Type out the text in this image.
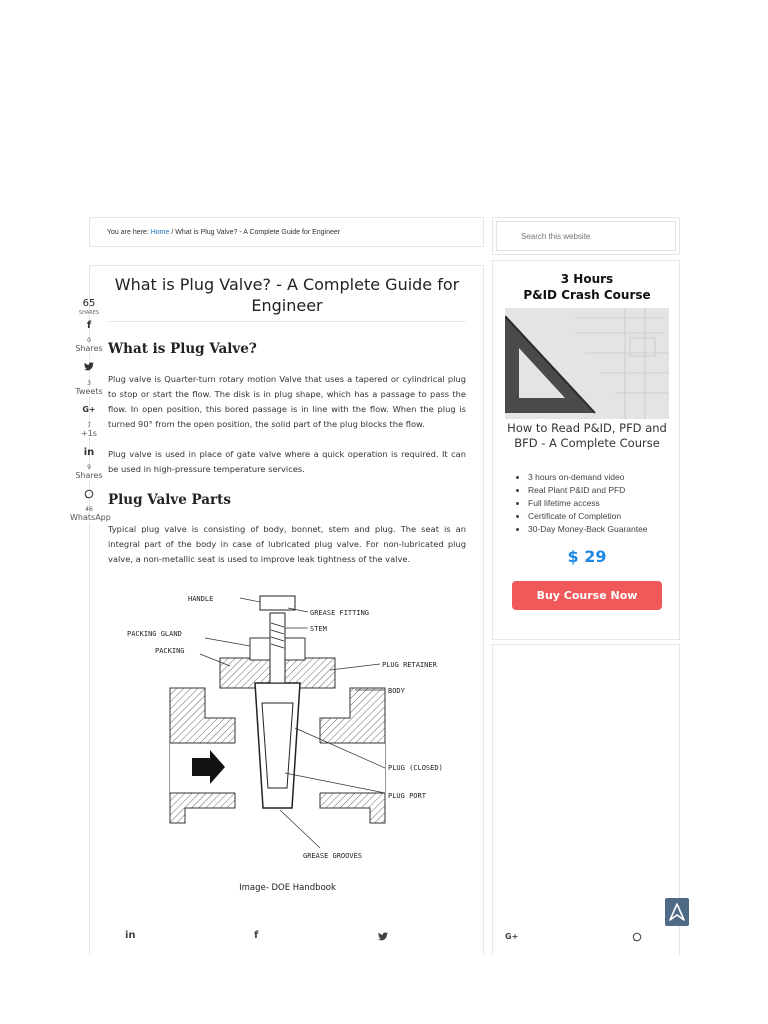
You are here: Home / What is Plug Valve? - A Complete Guide for Engineer
Search this website
What is Plug Valve? - A Complete Guide for Engineer
What is Plug Valve?

Plug valve is Quarter-turn rotary motion Valve that uses a tapered or cylindrical plug to stop or start the flow. The disk is in plug shape, which has a passage to pass the flow. In open position, this bored passage is in line with the flow. When the plug is turned 90° from the open position, the solid part of the plug blocks the flow.

Plug valve is used in place of gate valve where a quick operation is required. It can be used in high-pressure temperature services.

Plug Valve Parts

Typical plug valve is consisting of body, bonnet, stem and plug. The seat is an integral part of the body in case of lubricated plug valve. For non-lubricated plug valve, a non-metallic seat is used to improve leak tightness of the valve.

HANDLE
GREASE FITTING
STEM
PACKING GLAND
PACKING
PLUG RETAINER
BODY
PLUG (CLOSED)
PLUG PORT
GREASE GROOVES
Image- DOE Handbook
65
SHARES
f
0
Shares
3
Tweets
G+
7
+1s
in
9
Shares
46
WhatsApp
3 Hours
P&ID Crash Course
How to Read P&ID, PFD and BFD - A Complete Course
• 3 hours on-demand video
• Real Plant P&ID and PFD
• Full lifetime access
• Certificate of Completion
• 30-Day Money-Back Guarantee
$ 29
Buy Course Now
in	f	G+
